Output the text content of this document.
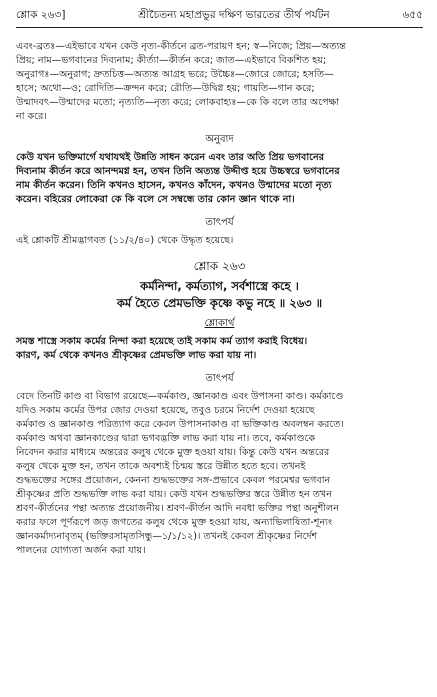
শ্লোক ২৬৩]	শ্রীচৈতন্য মহাপ্রভুর দক্ষিণ ভারতের তীর্থ পর্যটন	৬৫৫

এবং-ব্রতঃ—এইভাবে যখন কেউ নৃত্য-কীর্তনে ব্রত-পরায়ণ হন; স্ব—নিজে; প্রিয়—অত্যন্ত

প্রিয়; নাম—ভগবানের দিব্যনাম; কীর্ত্যা—কীর্তন করে; জাত—এইভাবে বিকশিত হয়;

অনুরাগঃ—অনুরাগ; দ্রুতচিত্ত—অত্যন্ত আগ্রহ ভরে; উচ্চৈঃ—জোরে জোরে; হসতি—

হাসে; অথো—ও; রোদিতি—ক্রন্দন করে; রৌতি—উদ্বিগ্ন হয়; গায়তি—গান করে;

উন্মাদবৎ—উন্মাদের মতো; নৃত্যতি—নৃত্য করে; লোকবাহ্যঃ—কে কি বলে তার অপেক্ষা

না করে।

অনুবাদ

কেউ যখন ভক্তিমার্গে যথাযথই উন্নতি সাধন করেন এবং তার অতি প্রিয় ভগবানের

দিব্যনাম কীর্তন করে আনন্দমগ্ন হন, তখন তিনি অত্যন্ত উদ্দীপ্ত হয়ে উচ্চস্বরে ভগবানের

নাম কীর্তন করেন। তিনি কখনও হাসেন, কখনও কাঁদেন, কখনও উন্মাদের মতো নৃত্য

করেন। বহিরের লোকেরা কে কি বলে সে সম্বন্ধে তার কোন জ্ঞান থাকে না।

তাৎপর্য

এই শ্লোকটি শ্রীমদ্ভাগবত (১১/২/৪০) থেকে উদ্ধৃত হয়েছে।

শ্লোক ২৬৩

কর্মনিন্দা, কর্মত্যাগ, সর্বশাস্ত্রে কহে ।

কর্ম হৈতে প্রেমভক্তি কৃষ্ণে কভু নহে ॥ ২৬৩ ॥

শ্লোকার্থ

সমস্ত শাস্ত্রে সকাম কর্মের নিন্দা করা হয়েছে তাই সকাম কর্ম ত্যাগ করাই বিধেয়।

কারণ, কর্ম থেকে কখনও শ্রীকৃষ্ণের প্রেমভক্তি লাভ করা যায় না।

তাৎপর্য

বেদে তিনটি কাণ্ড বা বিভাগ রয়েছে—কর্মকাণ্ড, জ্ঞানকাণ্ড এবং উপাসনা কাণ্ড। কর্মকাণ্ডে

যদিও সকাম কর্মের উপর জোর দেওয়া হয়েছে, তবুও চরমে নির্দেশ দেওয়া হয়েছে

কর্মকাণ্ড ও জ্ঞানকাণ্ড পরিত্যাগ করে কেবল উপাসনাকাণ্ড বা ভক্তিকাণ্ড অবলম্বন করতে।

কর্মকাণ্ড অথবা জ্ঞানকাণ্ডের দ্বারা ভগবদ্ভক্তি লাভ করা যায় না। তবে, কর্মকাণ্ডকে

নিবেদন করার মাধ্যমে অন্তরের কলুষ থেকে মুক্ত হওয়া যায়। কিন্তু কেউ যখন অন্তরের

কলুষ থেকে মুক্ত হন, তখন তাকে অবশ্যই চিন্ময় স্তরে উন্নীত হতে হবে। তখনই

শুদ্ধভক্তের সঙ্গের প্রয়োজন, কেননা শুদ্ধভক্তের সঙ্গ-প্রভাবে কেবল পরমেশ্বর ভগবান

শ্রীকৃষ্ণের প্রতি শুদ্ধভক্তি লাভ করা যায়। কেউ যখন শুদ্ধভক্তির স্তরে উন্নীত হন তখন

শ্রবণ-কীর্তনের পন্থা অত্যন্ত প্রয়োজনীয়। শ্রবণ-কীর্তন আদি নবধা ভক্তির পন্থা অনুশীলন

করার ফলে পূর্ণরূপে জড় জগতের কলুষ থেকে মুক্ত হওয়া যায়, অন্যাভিলাষিতা-শূন্যং

জ্ঞানকর্মাদ্যনাবৃতম্ (ভক্তিরসামৃতসিন্ধু—১/১/১২)। তখনই কেবল শ্রীকৃষ্ণের নির্দেশ

পালনের যোগ্যতা অর্জন করা যায়।
